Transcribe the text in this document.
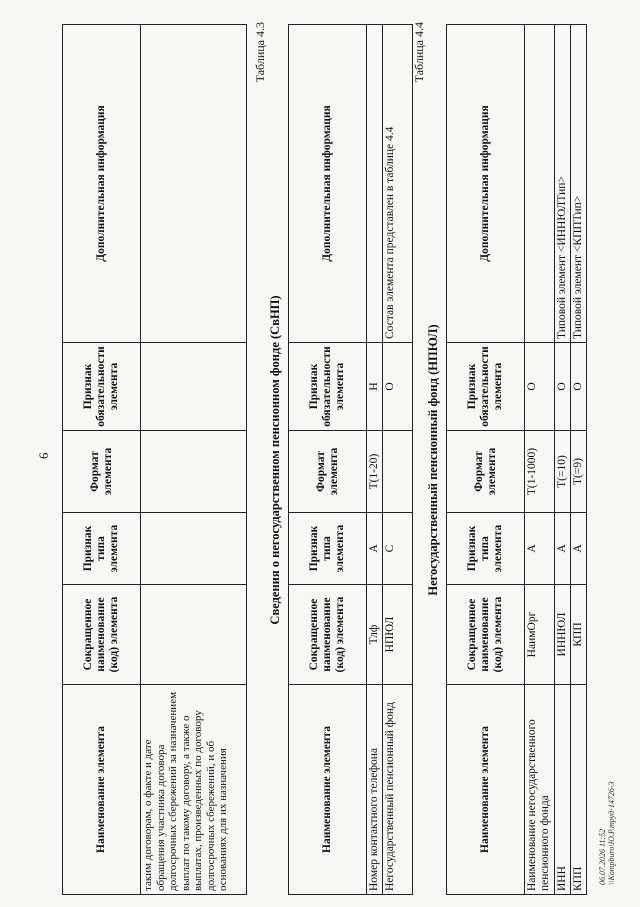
6
Наименование элемента	Сокращенное наименование (код) элемента	Признак типа элемента	Формат элемента	Признак обязательности элемента	Дополнительная информация
таким договорам, о факте и дате обращения участника договора долгосрочных сбережений за назначением выплат по такому договору, а также о выплатах, произведенных по договору долгосрочных сбережений, и об основаниях для их назначения					
Таблица 4.3
Сведения о негосударственном пенсионном фонде (СвНП)
Наименование элемента	Сокращенное наименование (код) элемента	Признак типа элемента	Формат элемента	Признак обязательности элемента	Дополнительная информация
Номер контактного телефона	Тлф	А	T(1-20)	Н	
Негосударственный пенсионный фонд	НПЮЛ	С		О	Состав элемента представлен в таблице 4.4
Таблица 4.4
Негосударственный пенсионный фонд (НПЮЛ)
Наименование элемента	Сокращенное наименование (код) элемента	Признак типа элемента	Формат элемента	Признак обязательности элемента	Дополнительная информация
Наименование негосударственного пенсионного фонда	НаимОрг	А	T(1-1000)	О	
ИНН	ИННЮЛ	А	T(=10)	О	Типовой элемент <ИННЮЛТип>
КПП	КПП	А	T(=9)	О	Типовой элемент <КППТип>
06.07.2026 11:52 \\Kompburo\Ю.Р.труд-14726-3
